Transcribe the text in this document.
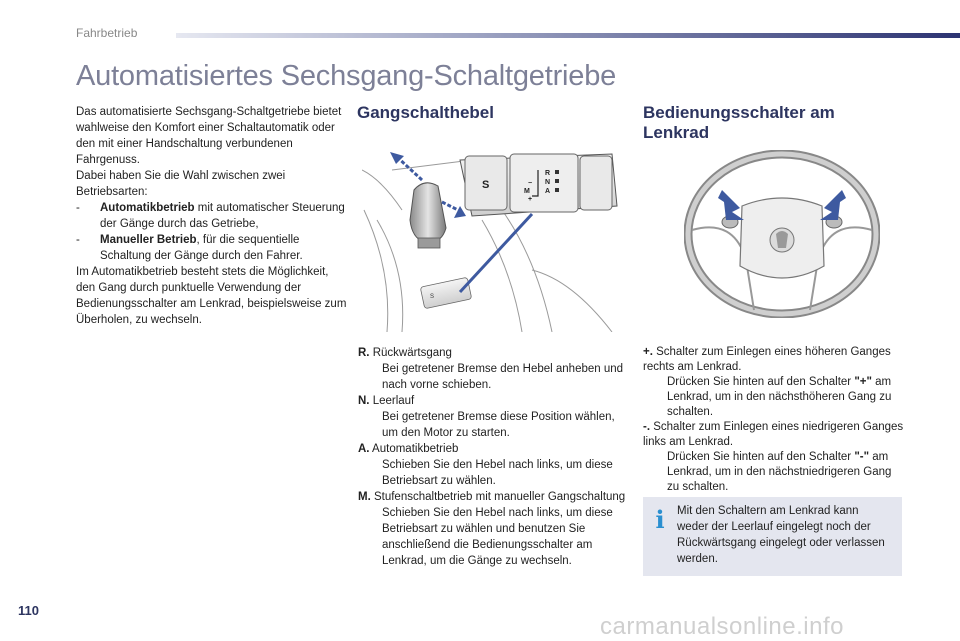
Fahrbetrieb
Automatisiertes Sechsgang-Schaltgetriebe

Das automatisierte Sechsgang-Schaltgetriebe bietet wahlweise den Komfort einer Schaltautomatik oder den mit einer Handschaltung verbundenen Fahrgenuss.

Dabei haben Sie die Wahl zwischen zwei Betriebsarten:

-	Automatikbetrieb mit automatischer Steuerung der Gänge durch das Getriebe,
-	Manueller Betrieb, für die sequentielle Schaltung der Gänge durch den Fahrer.

Im Automatikbetrieb besteht stets die Möglichkeit, den Gang durch punktuelle Verwendung der Bedienungsschalter am Lenkrad, beispielsweise zum Überholen, zu wechseln.

Gangschalthebel	Bedienungsschalter am Lenkrad
S
S
R
N
A
M
−
+
R. Rückwärtsgang
Bei getretener Bremse den Hebel anheben und nach vorne schieben.
N. Leerlauf
Bei getretener Bremse diese Position wählen, um den Motor zu starten.
A. Automatikbetrieb
Schieben Sie den Hebel nach links, um diese Betriebsart zu wählen.
M. Stufenschaltbetrieb mit manueller Gangschaltung
Schieben Sie den Hebel nach links, um diese Betriebsart zu wählen und benutzen Sie anschließend die Bedienungsschalter am Lenkrad, um die Gänge zu wechseln.
+. Schalter zum Einlegen eines höheren Ganges rechts am Lenkrad.
Drücken Sie hinten auf den Schalter "+" am Lenkrad, um in den nächsthöheren Gang zu schalten.
-. Schalter zum Einlegen eines niedrigeren Ganges links am Lenkrad.
Drücken Sie hinten auf den Schalter "-" am Lenkrad, um in den nächstniedrigeren Gang zu schalten.
i Mit den Schaltern am Lenkrad kann weder der Leerlauf eingelegt noch der Rückwärtsgang eingelegt oder verlassen werden.
110
carmanualsonline.info
